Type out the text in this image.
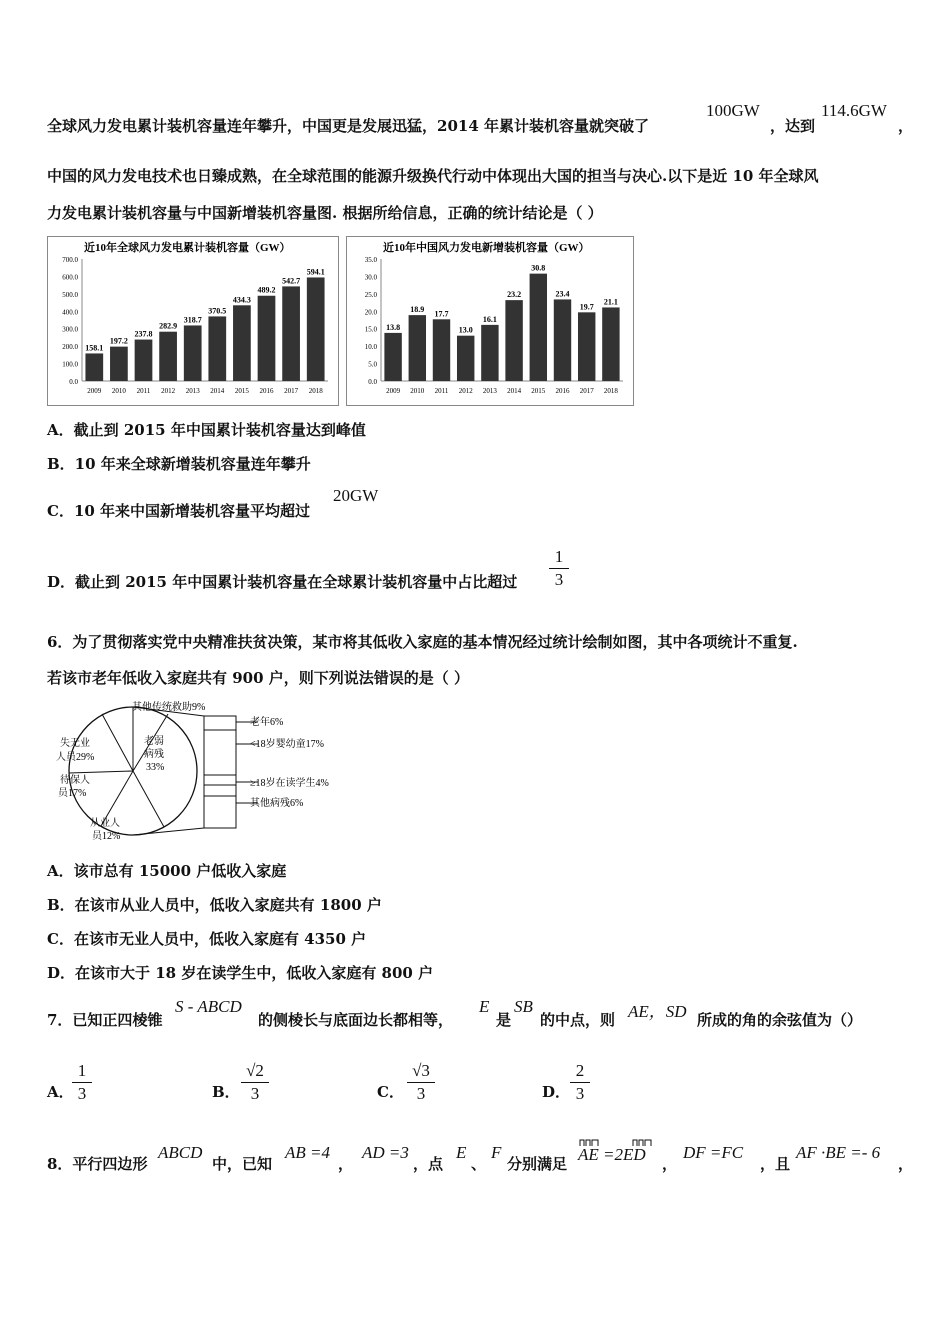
全球风力发电累计装机容量连年攀升，中国更是发展迅猛，2014 年累计装机容量就突破了
100GW
，达到
114.6GW
，
中国的风力发电技术也日臻成熟，在全球范围的能源升级换代行动中体现出大国的担当与决心.以下是近 10 年全球风
力发电累计装机容量与中国新增装机容量图. 根据所给信息，正确的统计结论是（ ）
近10年全球风力发电累计装机容量（GW）
0.0
100.0
200.0
300.0
400.0
500.0
600.0
700.0
158.1
2009
197.2
2010
237.8
2011
282.9
2012
318.7
2013
370.5
2014
434.3
2015
489.2
2016
542.7
2017
594.1
2018
近10年中国风力发电新增装机容量（GW）
0.0
5.0
10.0
15.0
20.0
25.0
30.0
35.0
13.8
2009
18.9
2010
17.7
2011
13.0
2012
16.1
2013
23.2
2014
30.8
2015
23.4
2016
19.7
2017
21.1
2018
A．截止到 2015 年中国累计装机容量达到峰值
B．10 年来全球新增装机容量连年攀升
C．10 年来中国新增装机容量平均超过
20GW
D．截止到 2015 年中国累计装机容量在全球累计装机容量中占比超过
1
3
6．为了贯彻落实党中央精准扶贫决策，某市将其低收入家庭的基本情况经过统计绘制如图，其中各项统计不重复.
若该市老年低收入家庭共有 900 户，则下列说法错误的是（ ）
其他传统救助9%
老弱
病残
33%
失无业
人员29%
待保人
员17%
从业人
员12%
老年6%
<18岁婴幼童17%
≥18岁在读学生4%
其他病残6%
A．该市总有 15000 户低收入家庭
B．在该市从业人员中，低收入家庭共有 1800 户
C．在该市无业人员中，低收入家庭有 4350 户
D．在该市大于 18 岁在读学生中，低收入家庭有 800 户
7．已知正四棱锥
S - ABCD
的侧棱长与底面边长都相等，
E
是
SB
的中点，则 AE，SD 所成的角的余弦值为（）
A．
1
3	B．
√2
3	C．
√3
3	D．
2
3
8．平行四边形
ABCD
中，已知
AB =4
，
AD =3
，点
E
、
F
分别满足 AE =2ED ，
DF =FC
，且
AF ·BE =- 6
，
